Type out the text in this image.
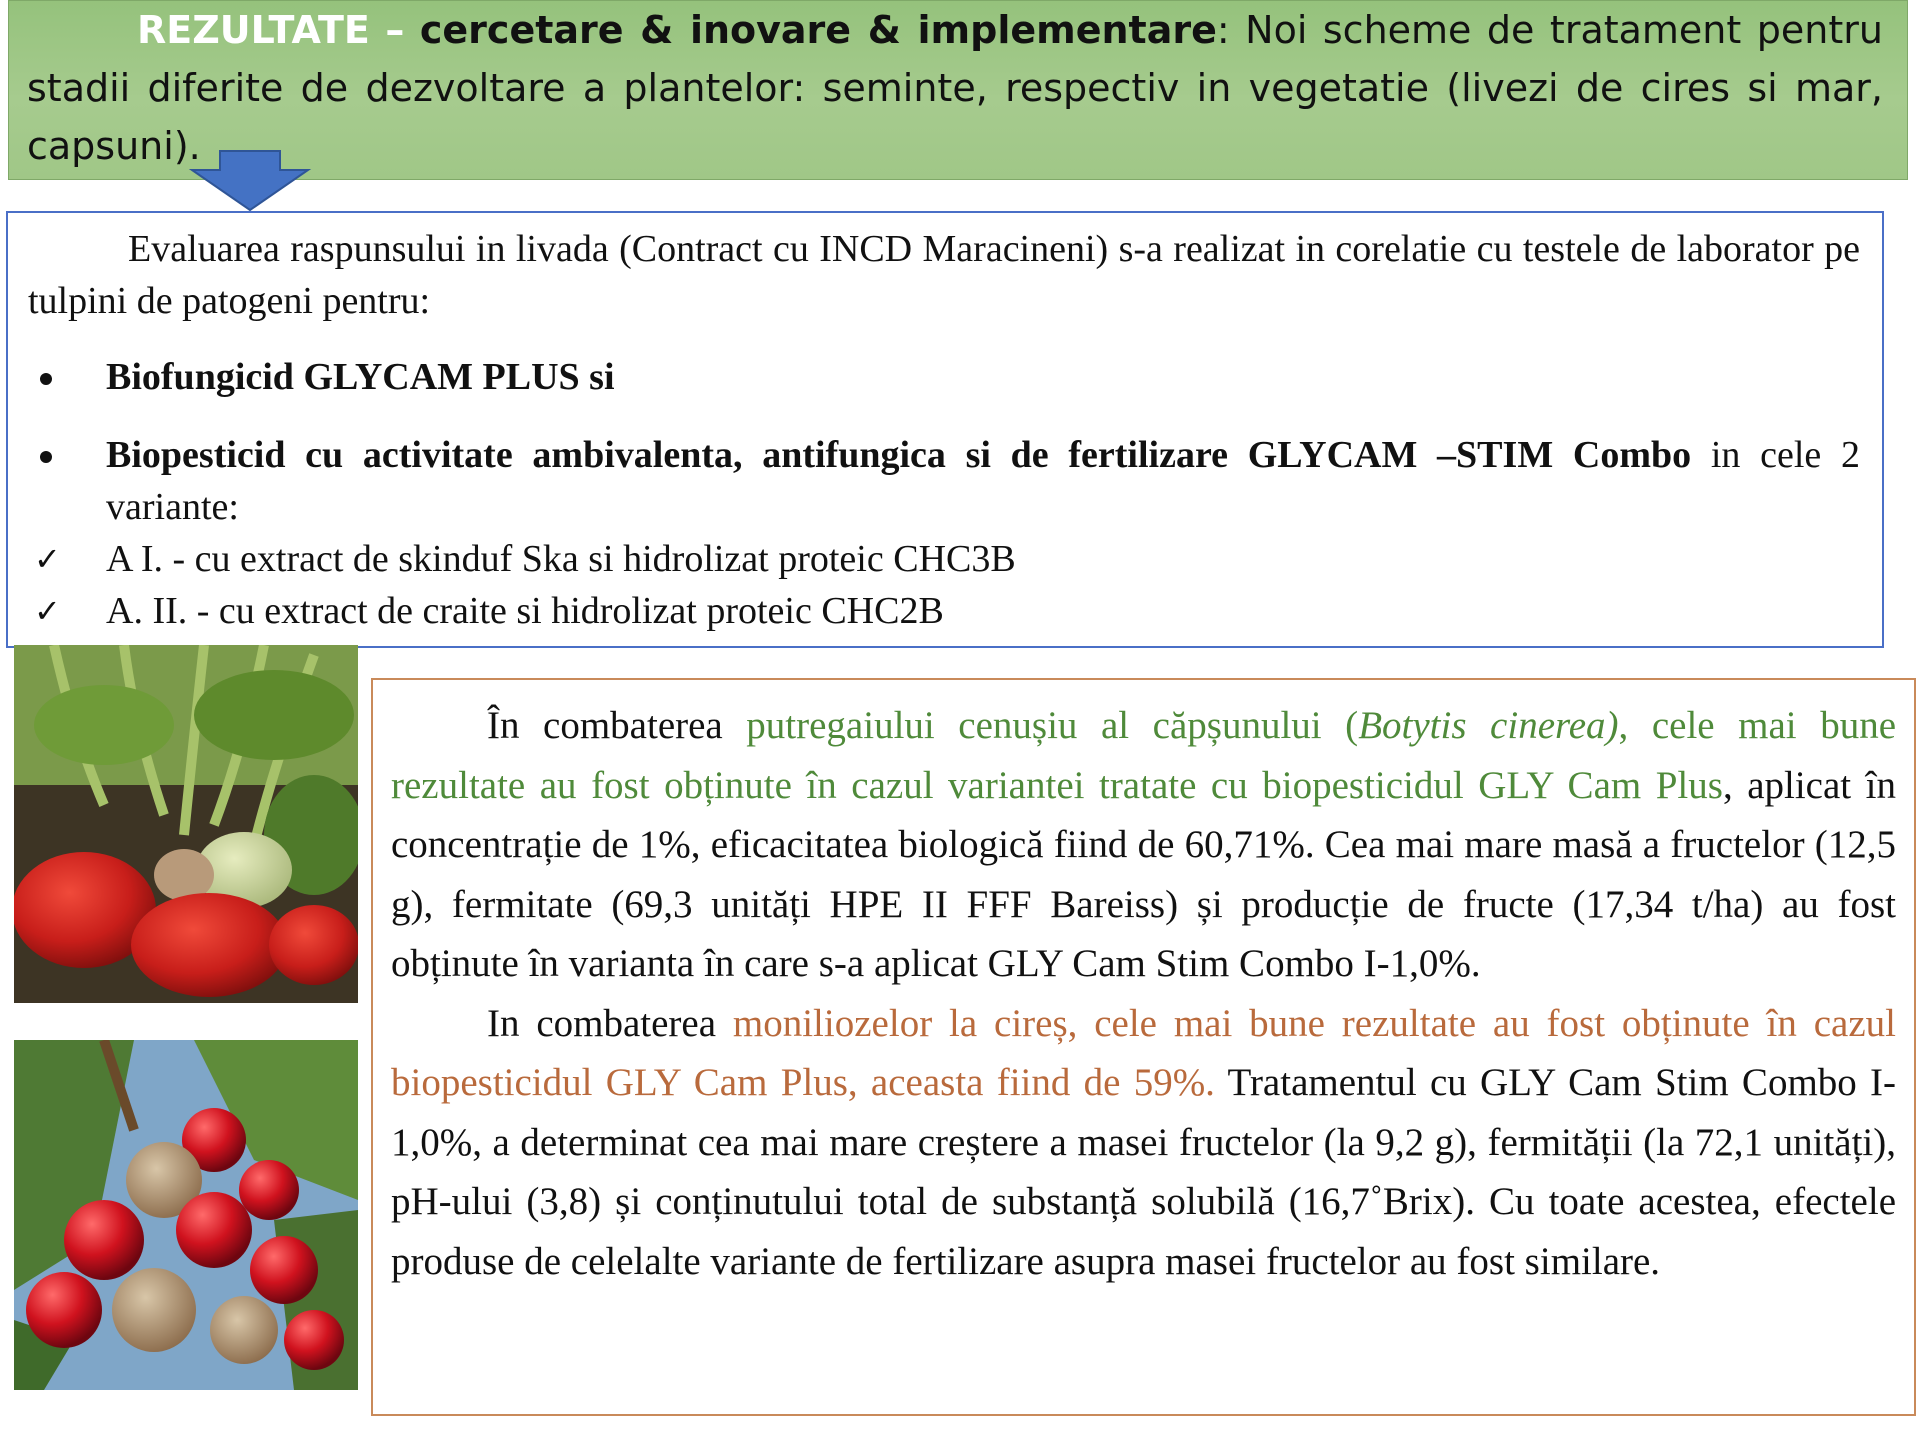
REZULTATE – cercetare & inovare & implementare: Noi scheme de tratament pentru stadii diferite de dezvoltare a plantelor: seminte, respectiv in vegetatie (livezi de cires si mar, capsuni).

Evaluarea raspunsului in livada (Contract cu INCD Maracineni) s-a realizat in corelatie cu testele de laborator pe tulpini de patogeni pentru:

Biofungicid GLYCAM PLUS si
Biopesticid cu activitate ambivalenta, antifungica si de fertilizare GLYCAM –STIM Combo in cele 2 variante:
✓ A I. - cu extract de skinduf Ska si hidrolizat proteic CHC3B
✓ A. II. - cu extract de craite si hidrolizat proteic CHC2B

În combaterea putregaiului cenușiu al căpșunului (Botytis cinerea), cele mai bune rezultate au fost obținute în cazul variantei tratate cu biopesticidul GLY Cam Plus, aplicat în concentrație de 1%, eficacitatea biologică fiind de 60,71%. Cea mai mare masă a fructelor (12,5 g), fermitate (69,3 unități HPE II FFF Bareiss) și producție de fructe (17,34 t/ha) au fost obținute în varianta în care s-a aplicat GLY Cam Stim Combo I-1,0%.

In combaterea moniliozelor la cireș, cele mai bune rezultate au fost obținute în cazul biopesticidul GLY Cam Plus, aceasta fiind de 59%. Tratamentul cu GLY Cam Stim Combo I-1,0%, a determinat cea mai mare creștere a masei fructelor (la 9,2 g), fermității (la 72,1 unități), pH-ului (3,8) și conținutului total de substanță solubilă (16,7˚Brix). Cu toate acestea, efectele produse de celelalte variante de fertilizare asupra masei fructelor au fost similare.
